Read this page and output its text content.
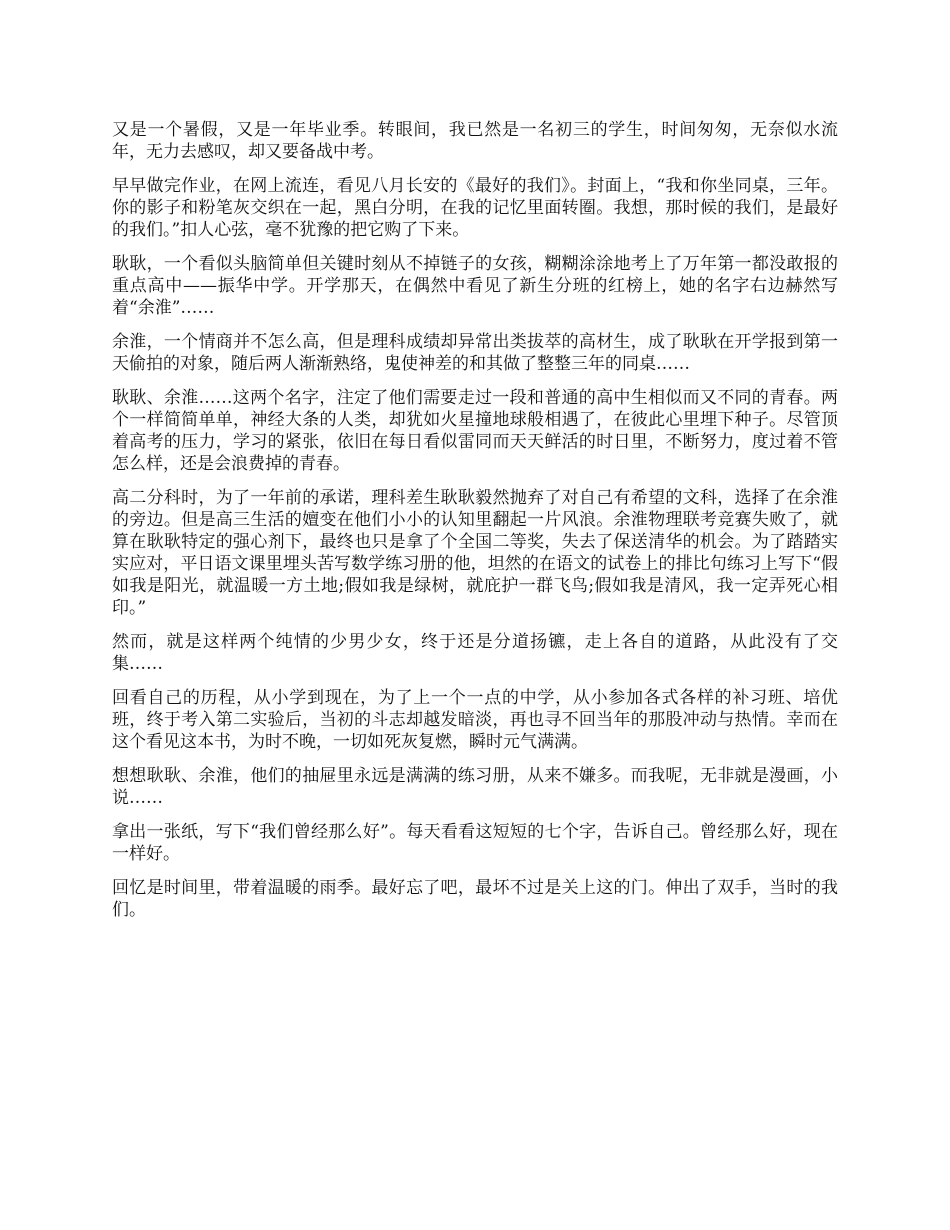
又是一个暑假，又是一年毕业季。转眼间，我已然是一名初三的学生，时间匆匆，无奈似水流年，无力去感叹，却又要备战中考。

早早做完作业，在网上流连，看见八月长安的《最好的我们》。封面上，“我和你坐同桌，三年。你的影子和粉笔灰交织在一起，黑白分明，在我的记忆里面转圈。我想，那时候的我们，是最好的我们。”扣人心弦，毫不犹豫的把它购了下来。

耿耿，一个看似头脑简单但关键时刻从不掉链子的女孩，糊糊涂涂地考上了万年第一都没敢报的重点高中——振华中学。开学那天，在偶然中看见了新生分班的红榜上，她的名字右边赫然写着“余淮”……

余淮，一个情商并不怎么高，但是理科成绩却异常出类拔萃的高材生，成了耿耿在开学报到第一天偷拍的对象，随后两人渐渐熟络，鬼使神差的和其做了整整三年的同桌……

耿耿、余淮……这两个名字，注定了他们需要走过一段和普通的高中生相似而又不同的青春。两个一样简简单单，神经大条的人类，却犹如火星撞地球般相遇了，在彼此心里埋下种子。尽管顶着高考的压力，学习的紧张，依旧在每日看似雷同而天天鲜活的时日里，不断努力，度过着不管怎么样，还是会浪费掉的青春。

高二分科时，为了一年前的承诺，理科差生耿耿毅然抛弃了对自己有希望的文科，选择了在余淮的旁边。但是高三生活的嬗变在他们小小的认知里翻起一片风浪。余淮物理联考竞赛失败了，就算在耿耿特定的强心剂下，最终也只是拿了个全国二等奖，失去了保送清华的机会。为了踏踏实实应对，平日语文课里埋头苦写数学练习册的他，坦然的在语文的试卷上的排比句练习上写下“假如我是阳光，就温暖一方土地;假如我是绿树，就庇护一群飞鸟;假如我是清风，我一定弄死心相印。”

然而，就是这样两个纯情的少男少女，终于还是分道扬镳，走上各自的道路，从此没有了交集……

回看自己的历程，从小学到现在，为了上一个一点的中学，从小参加各式各样的补习班、培优班，终于考入第二实验后，当初的斗志却越发暗淡，再也寻不回当年的那股冲动与热情。幸而在这个看见这本书，为时不晚，一切如死灰复燃，瞬时元气满满。

想想耿耿、余淮，他们的抽屉里永远是满满的练习册，从来不嫌多。而我呢，无非就是漫画，小说……

拿出一张纸，写下“我们曾经那么好”。每天看看这短短的七个字，告诉自己。曾经那么好，现在一样好。

回忆是时间里，带着温暖的雨季。最好忘了吧，最坏不过是关上这的门。伸出了双手，当时的我们。
